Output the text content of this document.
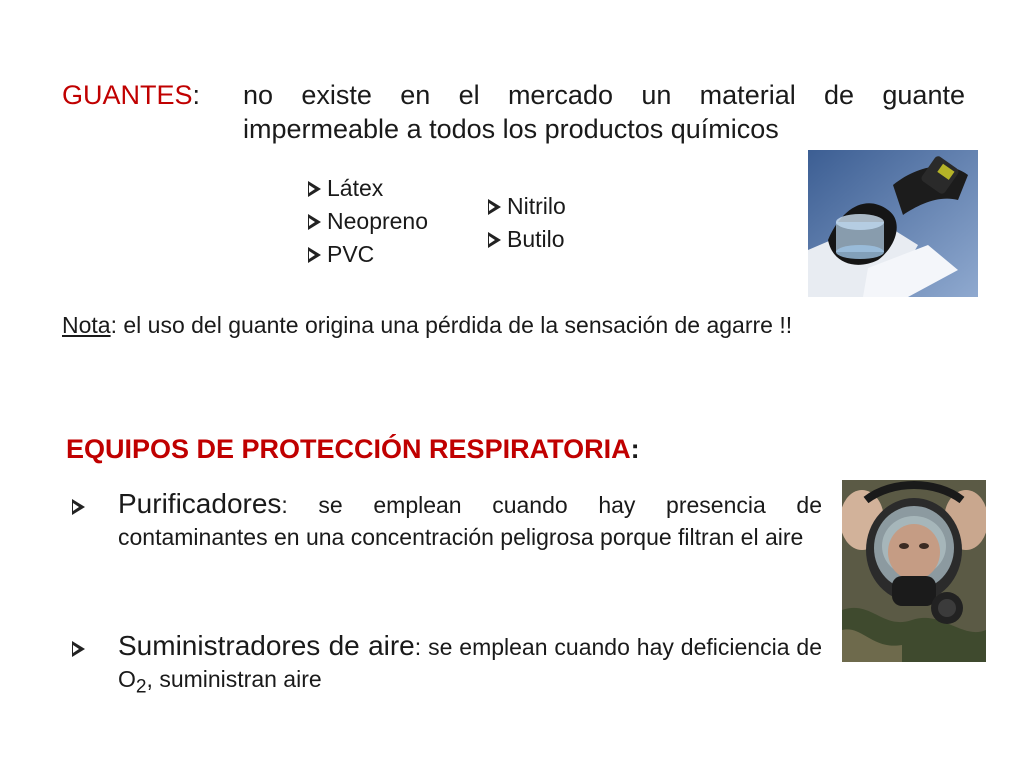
GUANTES: no existe en el mercado un material de guante
impermeable a todos los productos químicos
Látex
Neopreno
PVC
Nitrilo
Butilo
Nota: el uso del guante origina una pérdida de la sensación de agarre !!
EQUIPOS DE PROTECCIÓN RESPIRATORIA:
Purificadores: se emplean cuando hay presencia de contaminantes en una concentración peligrosa porque filtran el aire
Suministradores de aire: se emplean cuando hay deficiencia de $O_2$, suministran aire
